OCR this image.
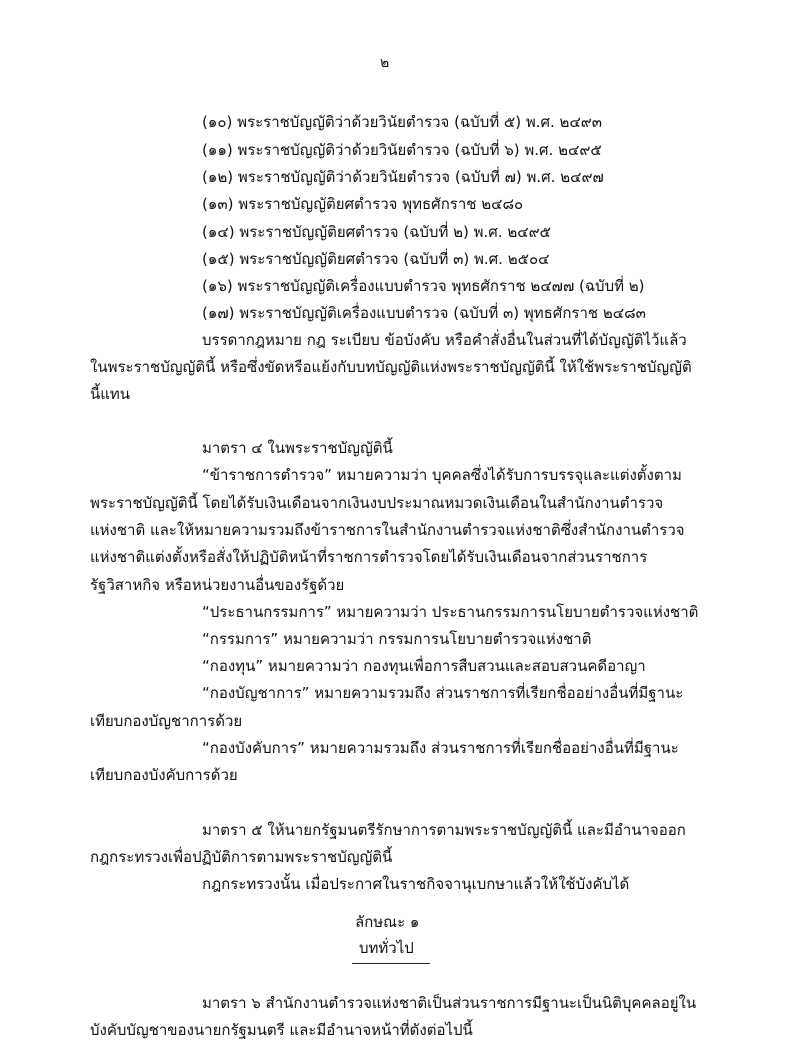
๒
(๑๐) พระราชบัญญัติว่าด้วยวินัยตำรวจ (ฉบับที่ ๕) พ.ศ. ๒๔๙๓
(๑๑) พระราชบัญญัติว่าด้วยวินัยตำรวจ (ฉบับที่ ๖) พ.ศ. ๒๔๙๕
(๑๒) พระราชบัญญัติว่าด้วยวินัยตำรวจ (ฉบับที่ ๗) พ.ศ. ๒๔๙๗
(๑๓) พระราชบัญญัติยศตำรวจ พุทธศักราช ๒๔๘๐
(๑๔) พระราชบัญญัติยศตำรวจ (ฉบับที่ ๒) พ.ศ. ๒๔๙๕
(๑๕) พระราชบัญญัติยศตำรวจ (ฉบับที่ ๓) พ.ศ. ๒๕๐๔
(๑๖) พระราชบัญญัติเครื่องแบบตำรวจ พุทธศักราช ๒๔๗๗ (ฉบับที่ ๒)
(๑๗) พระราชบัญญัติเครื่องแบบตำรวจ (ฉบับที่ ๓) พุทธศักราช ๒๔๘๓
บรรดากฎหมาย กฎ ระเบียบ ข้อบังคับ หรือคำสั่งอื่นในส่วนที่ได้บัญญัติไว้แล้ว
ในพระราชบัญญัตินี้ หรือซึ่งขัดหรือแย้งกับบทบัญญัติแห่งพระราชบัญญัตินี้ ให้ใช้พระราชบัญญัติ
นี้แทน
มาตรา ๔ ในพระราชบัญญัตินี้
“ข้าราชการตำรวจ” หมายความว่า บุคคลซึ่งได้รับการบรรจุและแต่งตั้งตาม
พระราชบัญญัตินี้ โดยได้รับเงินเดือนจากเงินงบประมาณหมวดเงินเดือนในสำนักงานตำรวจ
แห่งชาติ และให้หมายความรวมถึงข้าราชการในสำนักงานตำรวจแห่งชาติซึ่งสำนักงานตำรวจ
แห่งชาติแต่งตั้งหรือสั่งให้ปฏิบัติหน้าที่ราชการตำรวจโดยได้รับเงินเดือนจากส่วนราชการ
รัฐวิสาหกิจ หรือหน่วยงานอื่นของรัฐด้วย
“ประธานกรรมการ” หมายความว่า ประธานกรรมการนโยบายตำรวจแห่งชาติ
“กรรมการ” หมายความว่า กรรมการนโยบายตำรวจแห่งชาติ
“กองทุน” หมายความว่า กองทุนเพื่อการสืบสวนและสอบสวนคดีอาญา
“กองบัญชาการ” หมายความรวมถึง ส่วนราชการที่เรียกชื่ออย่างอื่นที่มีฐานะ
เทียบกองบัญชาการด้วย
“กองบังคับการ” หมายความรวมถึง ส่วนราชการที่เรียกชื่ออย่างอื่นที่มีฐานะ
เทียบกองบังคับการด้วย
มาตรา ๕ ให้นายกรัฐมนตรีรักษาการตามพระราชบัญญัตินี้ และมีอำนาจออก
กฎกระทรวงเพื่อปฏิบัติการตามพระราชบัญญัตินี้
กฎกระทรวงนั้น เมื่อประกาศในราชกิจจานุเบกษาแล้วให้ใช้บังคับได้
ลักษณะ ๑
บททั่วไป
มาตรา ๖ สำนักงานตำรวจแห่งชาติเป็นส่วนราชการมีฐานะเป็นนิติบุคคลอยู่ใน
บังคับบัญชาของนายกรัฐมนตรี และมีอำนาจหน้าที่ดังต่อไปนี้
